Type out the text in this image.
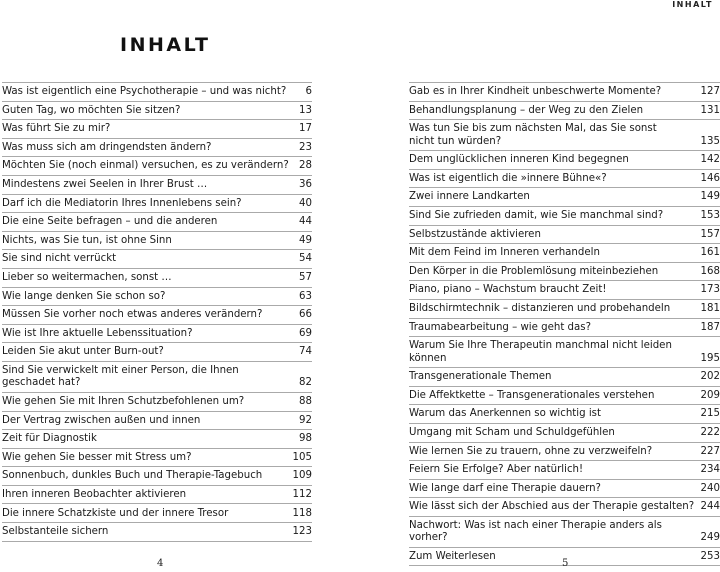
INHALT
INHALT
Was ist eigentlich eine Psychotherapie – und was nicht?	6
Guten Tag, wo möchten Sie sitzen?	13
Was führt Sie zu mir?	17
Was muss sich am dringendsten ändern?	23
Möchten Sie (noch einmal) versuchen, es zu verändern?	28
Mindestens zwei Seelen in Ihrer Brust …	36
Darf ich die Mediatorin Ihres Innenlebens sein?	40
Die eine Seite befragen – und die anderen	44
Nichts, was Sie tun, ist ohne Sinn	49
Sie sind nicht verrückt	54
Lieber so weitermachen, sonst …	57
Wie lange denken Sie schon so?	63
Müssen Sie vorher noch etwas anderes verändern?	66
Wie ist Ihre aktuelle Lebenssituation?	69
Leiden Sie akut unter Burn-out?	74
Sind Sie verwickelt mit einer Person, die Ihnen
geschadet hat?	82
Wie gehen Sie mit Ihren Schutzbefohlenen um?	88
Der Vertrag zwischen außen und innen	92
Zeit für Diagnostik	98
Wie gehen Sie besser mit Stress um?	105
Sonnenbuch, dunkles Buch und Therapie-Tagebuch	109
Ihren inneren Beobachter aktivieren	112
Die innere Schatzkiste und der innere Tresor	118
Selbstanteile sichern	123
Gab es in Ihrer Kindheit unbeschwerte Momente?	127
Behandlungsplanung – der Weg zu den Zielen	131
Was tun Sie bis zum nächsten Mal, das Sie sonst
nicht tun würden?	135
Dem unglücklichen inneren Kind begegnen	142
Was ist eigentlich die »innere Bühne«?	146
Zwei innere Landkarten	149
Sind Sie zufrieden damit, wie Sie manchmal sind?	153
Selbstzustände aktivieren	157
Mit dem Feind im Inneren verhandeln	161
Den Körper in die Problemlösung miteinbeziehen	168
Piano, piano – Wachstum braucht Zeit!	173
Bildschirmtechnik – distanzieren und probehandeln	181
Traumabearbeitung – wie geht das?	187
Warum Sie Ihre Therapeutin manchmal nicht leiden können	195
Transgenerationale Themen	202
Die Affektkette – Transgenerationales verstehen	209
Warum das Anerkennen so wichtig ist	215
Umgang mit Scham und Schuldgefühlen	222
Wie lernen Sie zu trauern, ohne zu verzweifeln?	227
Feiern Sie Erfolge? Aber natürlich!	234
Wie lange darf eine Therapie dauern?	240
Wie lässt sich der Abschied aus der Therapie gestalten? 244
Nachwort: Was ist nach einer Therapie anders als vorher?	249
Zum Weiterlesen	253
4	5
